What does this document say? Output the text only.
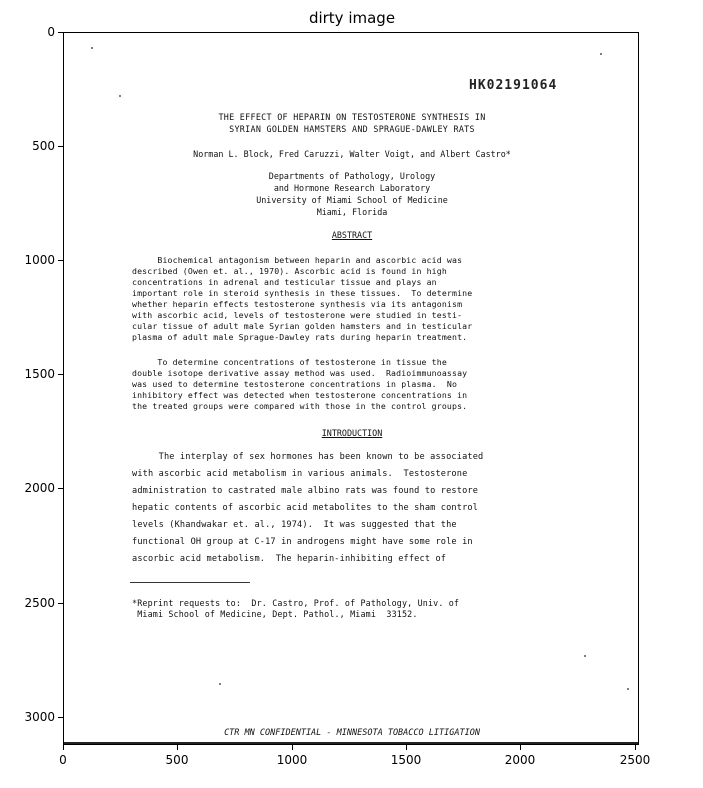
dirty image
HK02191064
THE EFFECT OF HEPARIN ON TESTOSTERONE SYNTHESIS IN
SYRIAN GOLDEN HAMSTERS AND SPRAGUE-DAWLEY RATS
Norman L. Block, Fred Caruzzi, Walter Voigt, and Albert Castro*
Departments of Pathology, Urology
and Hormone Research Laboratory
University of Miami School of Medicine
Miami, Florida
ABSTRACT
Biochemical antagonism between heparin and ascorbic acid was
described (Owen et. al., 1970). Ascorbic acid is found in high
concentrations in adrenal and testicular tissue and plays an
important role in steroid synthesis in these tissues.  To determine
whether heparin effects testosterone synthesis via its antagonism
with ascorbic acid, levels of testosterone were studied in testi-
cular tissue of adult male Syrian golden hamsters and in testicular
plasma of adult male Sprague-Dawley rats during heparin treatment.
To determine concentrations of testosterone in tissue the
double isotope derivative assay method was used.  Radioimmunoassay
was used to determine testosterone concentrations in plasma.  No
inhibitory effect was detected when testosterone concentrations in
the treated groups were compared with those in the control groups.
INTRODUCTION
The interplay of sex hormones has been known to be associated
with ascorbic acid metabolism in various animals.  Testosterone
administration to castrated male albino rats was found to restore
hepatic contents of ascorbic acid metabolites to the sham control
levels (Khandwakar et. al., 1974).  It was suggested that the
functional OH group at C-17 in androgens might have some role in
ascorbic acid metabolism.  The heparin-inhibiting effect of
*Reprint requests to:  Dr. Castro, Prof. of Pathology, Univ. of
Miami School of Medicine, Dept. Pathol., Miami  33152.
CTR MN CONFIDENTIAL - MINNESOTA TOBACCO LITIGATION
0	500	1000	1500	2000	2500
0
500
1000
1500
2000
2500
3000
